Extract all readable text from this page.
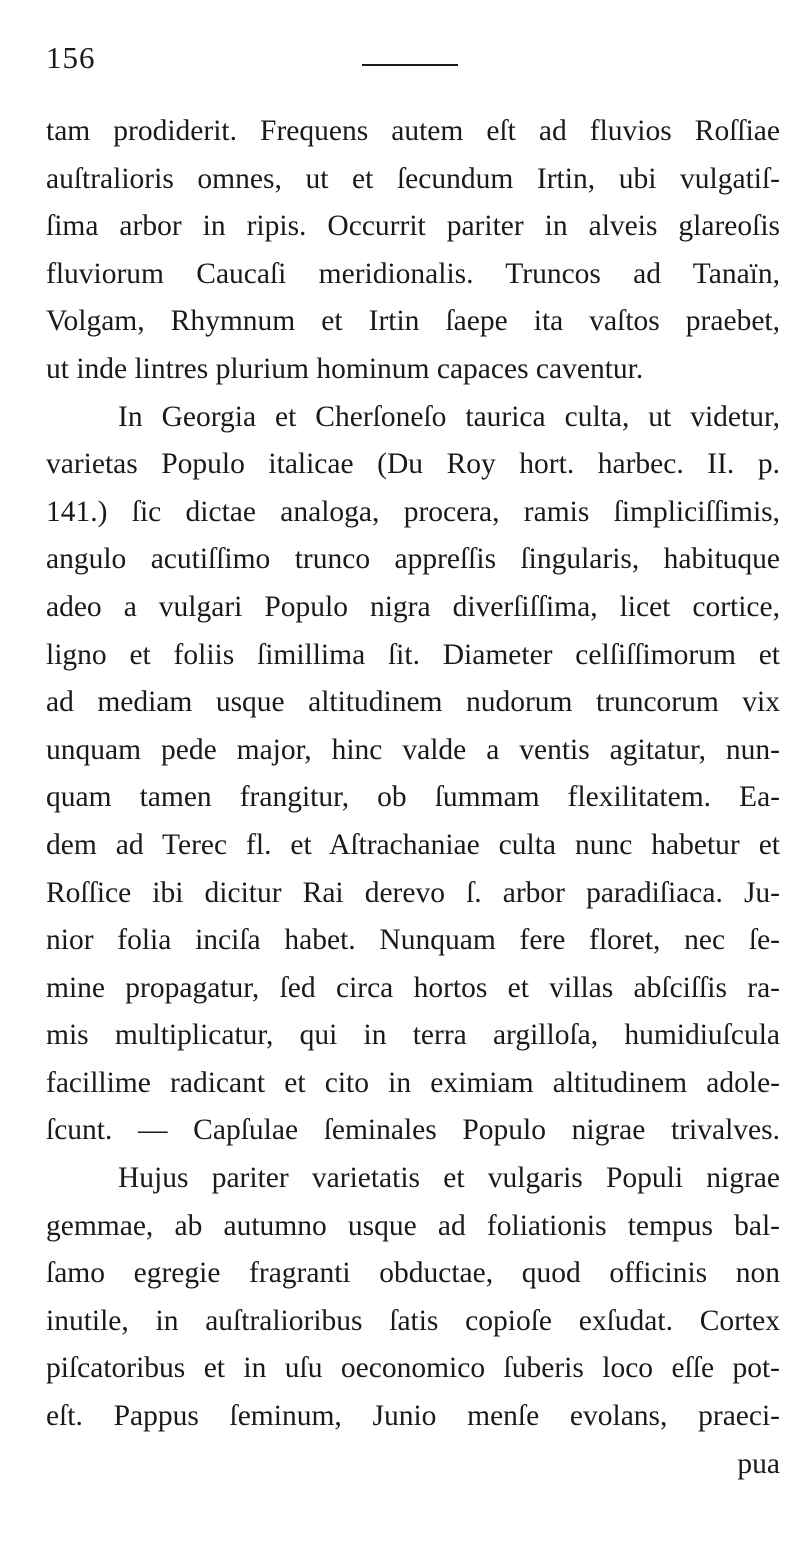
156
tam prodiderit. Frequens autem eſt ad fluvios Roſſiae
auſtralioris omnes, ut et ſecundum Irtin, ubi vulgatiſ-
ſima arbor in ripis. Occurrit pariter in alveis glareoſis
fluviorum Caucaſi meridionalis. Truncos ad Tanaïn,
Volgam, Rhymnum et Irtin ſaepe ita vaſtos praebet,
ut inde lintres plurium hominum capaces caventur.
In Georgia et Cherſoneſo taurica culta, ut videtur,
varietas Populo italicae (Du Roy hort. harbec. II. p.
141.) ſic dictae analoga, procera, ramis ſimpliciſſimis,
angulo acutiſſimo trunco appreſſis ſingularis, habituque
adeo a vulgari Populo nigra diverſiſſima, licet cortice,
ligno et foliis ſimillima ſit. Diameter celſiſſimorum et
ad mediam usque altitudinem nudorum truncorum vix
unquam pede major, hinc valde a ventis agitatur, nun-
quam tamen frangitur, ob ſummam flexilitatem. Ea-
dem ad Terec fl. et Aſtrachaniae culta nunc habetur et
Roſſice ibi dicitur Rai derevo ſ. arbor paradiſiaca. Ju-
nior folia inciſa habet. Nunquam fere floret, nec ſe-
mine propagatur, ſed circa hortos et villas abſciſſis ra-
mis multiplicatur, qui in terra argilloſa, humidiuſcula
facillime radicant et cito in eximiam altitudinem adole-
ſcunt. — Capſulae ſeminales Populo nigrae trivalves.
Hujus pariter varietatis et vulgaris Populi nigrae
gemmae, ab autumno usque ad foliationis tempus bal-
ſamo egregie fragranti obductae, quod officinis non
inutile, in auſtralioribus ſatis copioſe exſudat. Cortex
piſcatoribus et in uſu oeconomico ſuberis loco eſſe pot-
eſt. Pappus ſeminum, Junio menſe evolans, praeci-
pua
